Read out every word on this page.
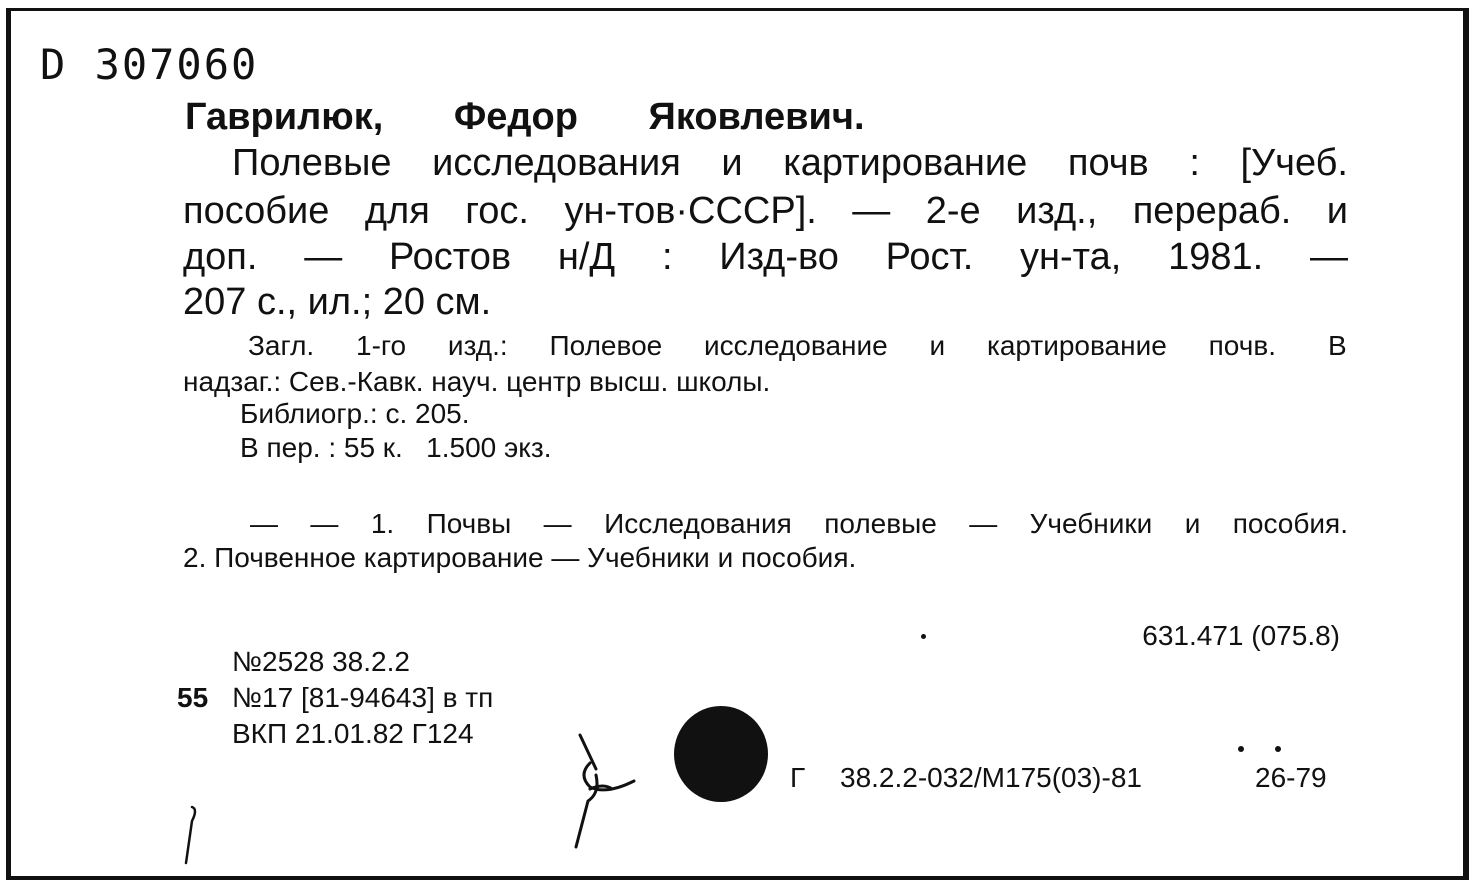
D 307060
Гаврилюк, Федор Яковлевич.
Полевые исследования и картирование почв : [Учеб.
пособие для гос. ун-тов·СССР]. — 2-е изд., перераб. и
доп. — Ростов н/Д : Изд-во Рост. ун-та, 1981. —
207 с., ил.; 20 см.
Загл. 1-го изд.: Полевое исследование и картирование почв. В
надзаг.: Сев.-Кавк. науч. центр высш. школы.
Библиогр.: с. 205.
В пер. : 55 к.   1.500 экз.
— — 1. Почвы — Исследования полевые — Учебники и пособия.
2. Почвенное картирование — Учебники и пособия.
631.471 (075.8)
№2528 38.2.2
55 №17 [81-94643] в тп
ВКП 21.01.82 Г124
Г 38.2.2-032/М175(03)-81	26-79
